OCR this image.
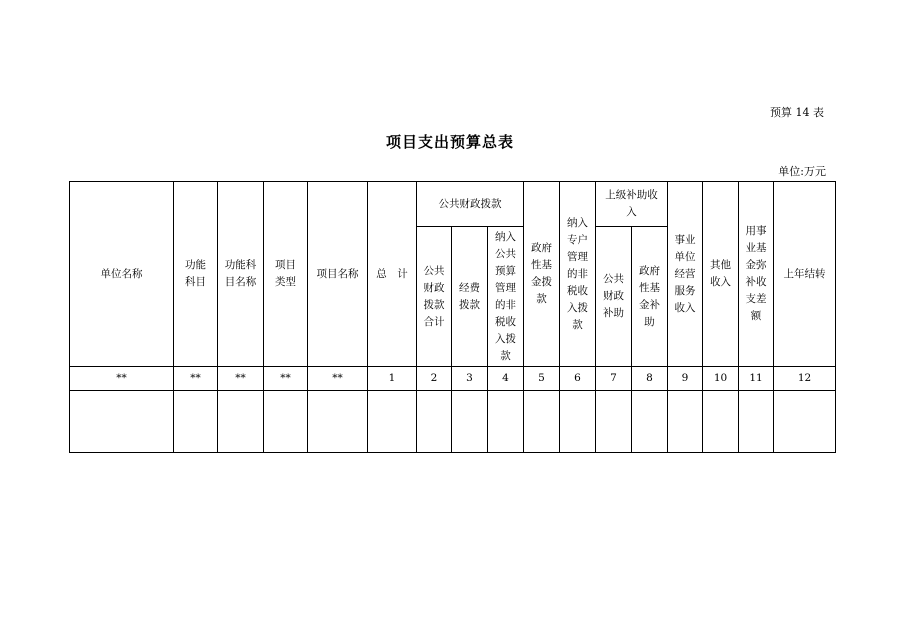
预算 14 表
项目支出预算总表
单位:万元
单位名称	功能科目	功能科目名称	项目类型	项目名称	总　计	公共财政拨款			政府性基金拨款	纳入专户管理的非税收入拨款	上级补助收入		事业单位经营服务收入	其他收入	用事业基金弥补收支差额	上年结转
						公共财政拨款合计	经费拨款	纳入公共预算管理的非税收入拨款			公共财政补助	政府性基金补助				
**	**	**	**	**	1	2	3	4	5	6	7	8	9	10	11	12
